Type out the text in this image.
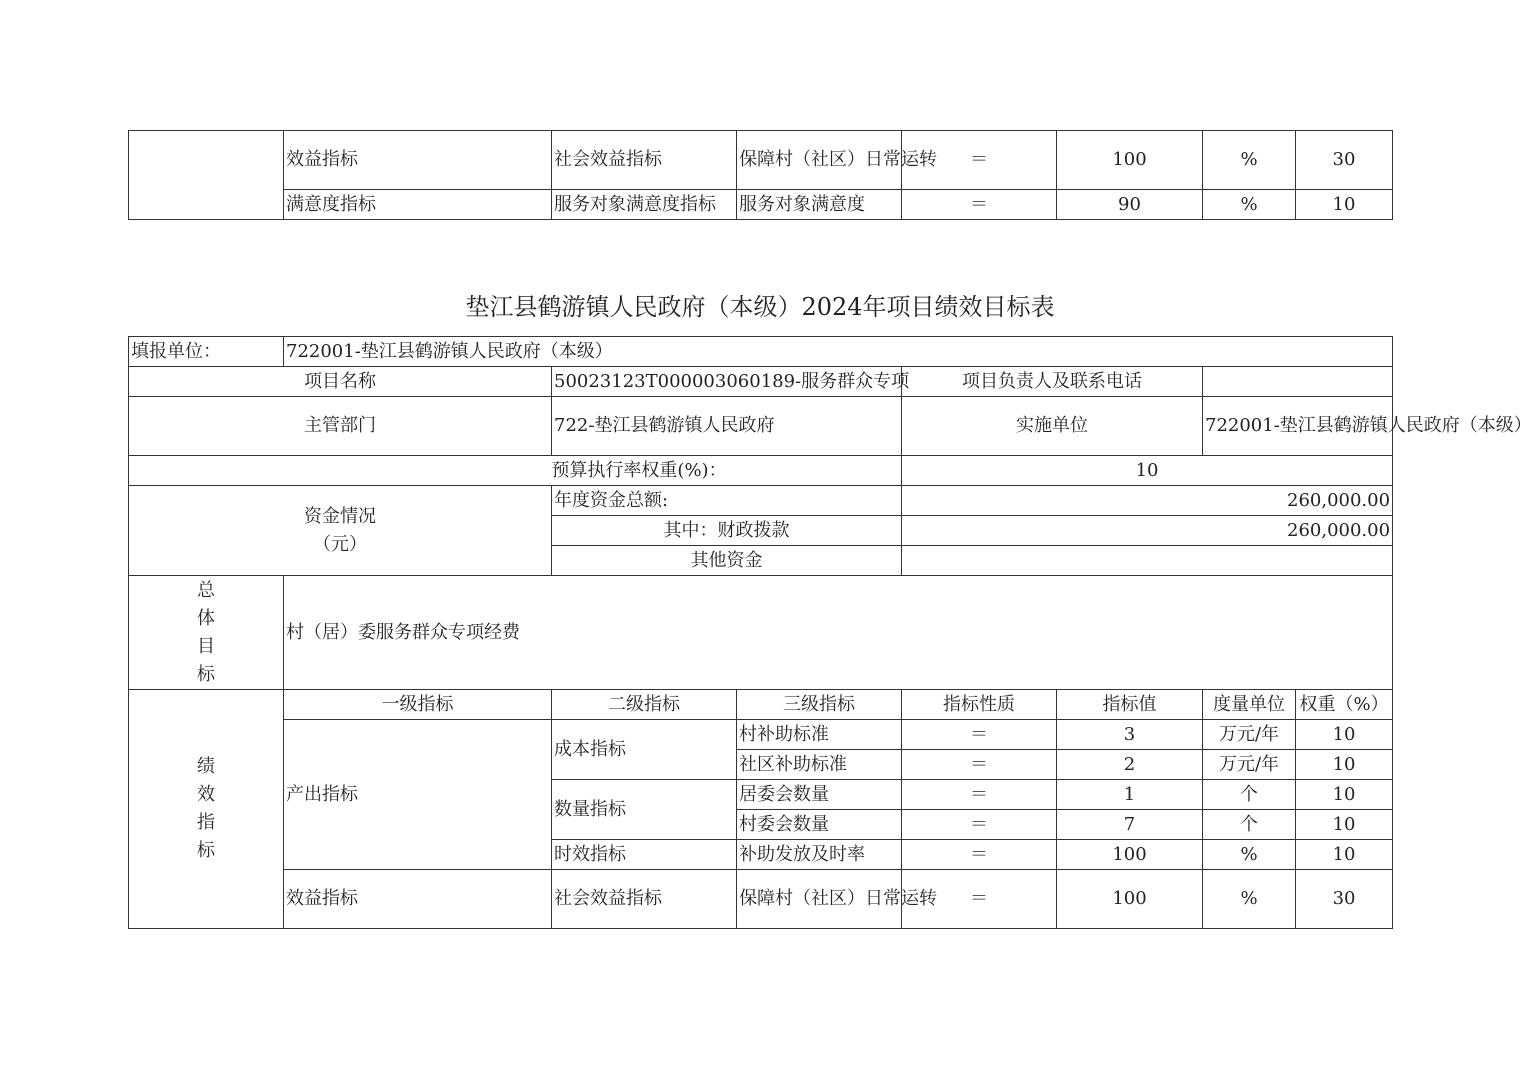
	效益指标	社会效益指标	保障村（社区）日常运转	＝	100	%	30
	满意度指标	服务对象满意度指标	服务对象满意度	＝	90	%	10
垫江县鹤游镇人民政府（本级）2024年项目绩效目标表
填报单位：	722001-垫江县鹤游镇人民政府（本级）						
项目名称		50023123T000003060189-服务群众专项		项目负责人及联系电话			
主管部门		722-垫江县鹤游镇人民政府		实施单位		722001-垫江县鹤游镇人民政府（本级）	
预算执行率权重(%)：				10			

资金情况
（元）		年度资金总额:		260,000.00			
		其中：财政拨款		260,000.00			
		其他资金					

总
体
目
标	村（居）委服务群众专项经费						

绩
效
指
标	一级指标	二级指标	三级指标	指标性质	指标值	度量单位	权重（%）
	产出指标	成本指标	村补助标准	＝	3	万元/年	10
			社区补助标准	＝	2	万元/年	10
		数量指标	居委会数量	＝	1	个	10
			村委会数量	＝	7	个	10
		时效指标	补助发放及时率	＝	100	%	10
	效益指标	社会效益指标	保障村（社区）日常运转	＝	100	%	30
